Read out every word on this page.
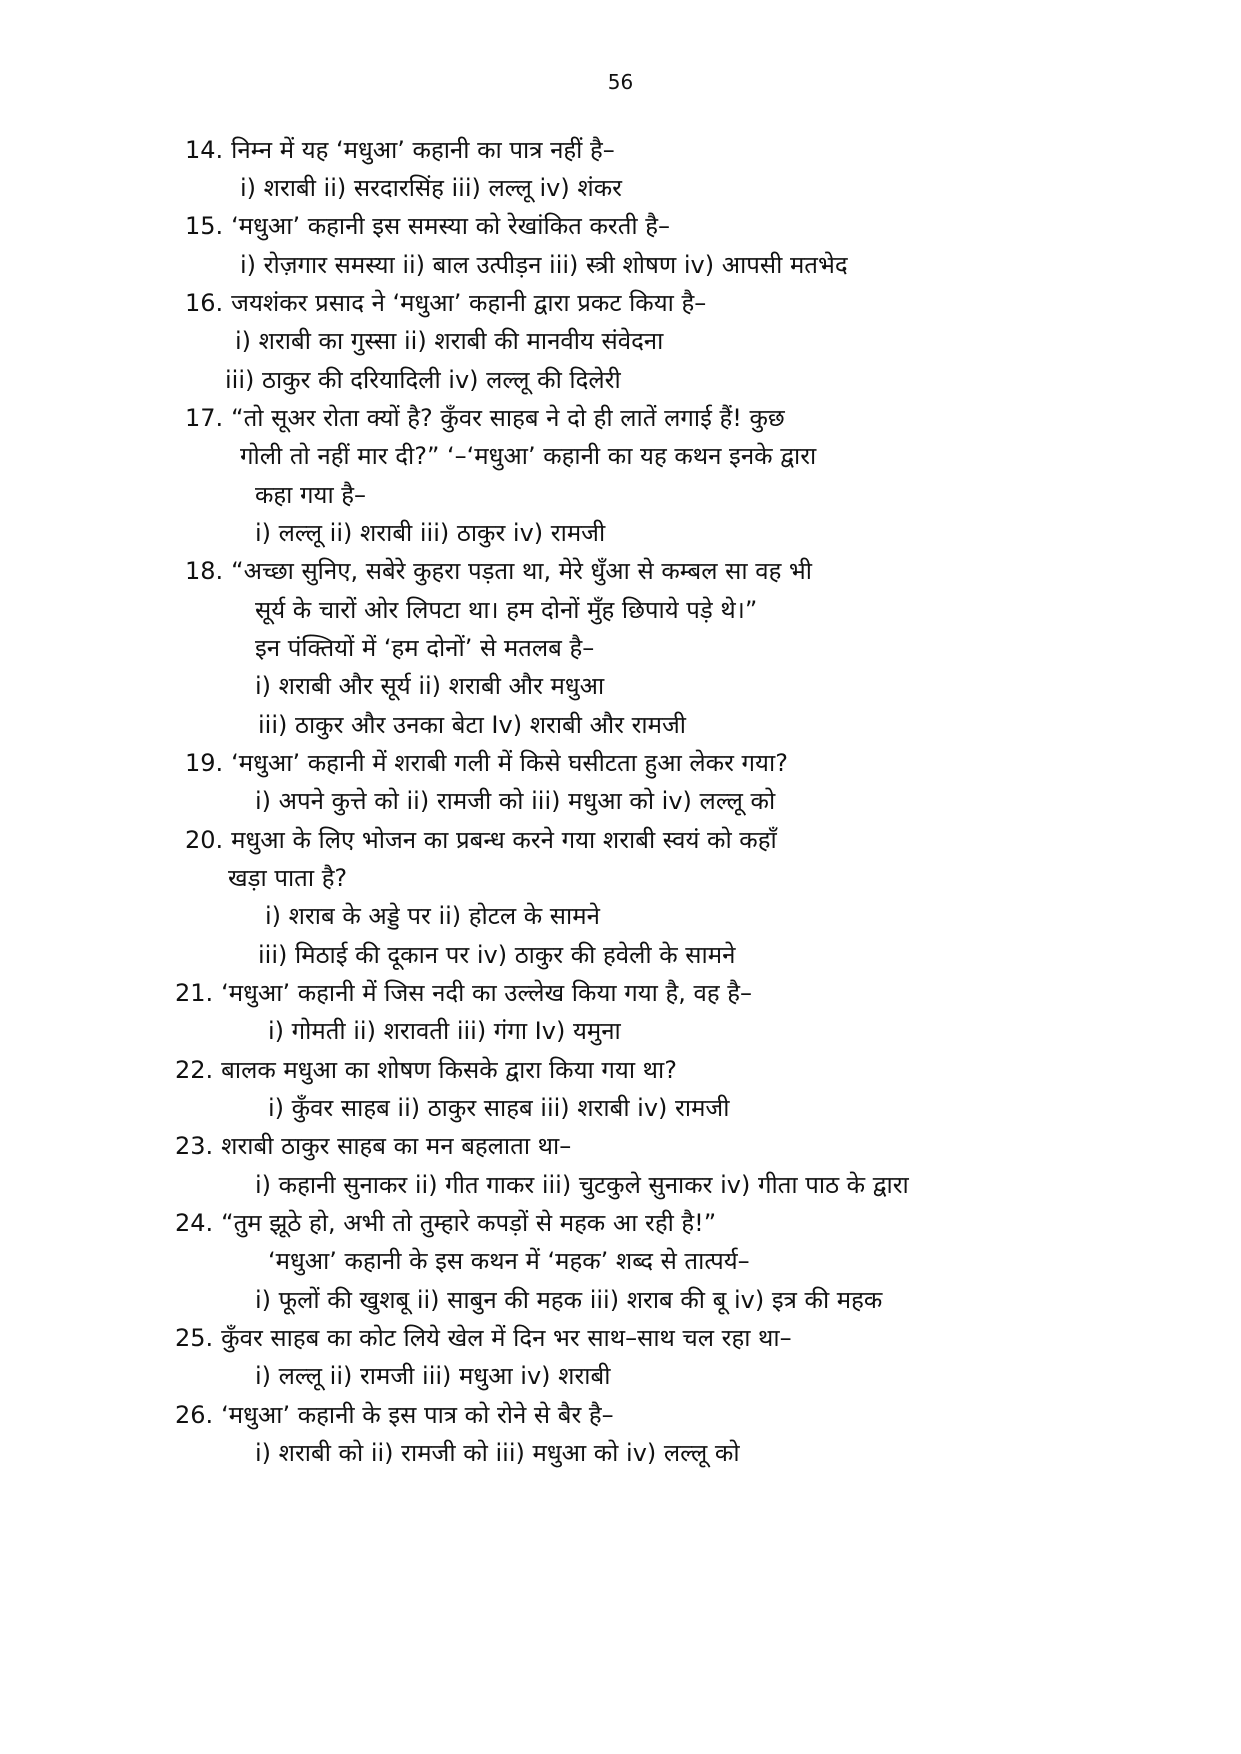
56
14. निम्न में यह ‘मधुआ’ कहानी का पात्र नहीं है–
i) शराबी ii) सरदारसिंह iii) लल्लू iv) शंकर
15. ‘मधुआ’ कहानी इस समस्या को रेखांकित करती है–
i) रोज़गार समस्या ii) बाल उत्पीड़न iii) स्त्री शोषण iv) आपसी मतभेद
16. जयशंकर प्रसाद ने ‘मधुआ’ कहानी द्वारा प्रकट किया है–
i) शराबी का गुस्सा ii) शराबी की मानवीय संवेदना
iii) ठाकुर की दरियादिली iv) लल्लू की दिलेरी
17. “तो सूअर रोता क्यों है? कुँवर साहब ने दो ही लातें लगाई हैं! कुछ
गोली तो नहीं मार दी?” ‘–‘मधुआ’ कहानी का यह कथन इनके द्वारा
कहा गया है–
i) लल्लू ii) शराबी iii) ठाकुर iv) रामजी
18. “अच्छा सुनिए, सबेरे कुहरा पड़ता था, मेरे धुँआ से कम्बल सा वह भी
सूर्य के चारों ओर लिपटा था। हम दोनों मुँह छिपाये पड़े थे।”
इन पंक्तियों में ‘हम दोनों’ से मतलब है–
i) शराबी और सूर्य ii) शराबी और मधुआ
iii) ठाकुर और उनका बेटा Iv) शराबी और रामजी
19. ‘मधुआ’ कहानी में शराबी गली में किसे घसीटता हुआ लेकर गया?
i) अपने कुत्ते को ii) रामजी को iii) मधुआ को iv) लल्लू को
20. मधुआ के लिए भोजन का प्रबन्ध करने गया शराबी स्वयं को कहाँ
खड़ा पाता है?
i) शराब के अड्डे पर ii) होटल के सामने
iii) मिठाई की दूकान पर iv) ठाकुर की हवेली के सामने
21. ‘मधुआ’ कहानी में जिस नदी का उल्लेख किया गया है, वह है–
i) गोमती ii) शरावती iii) गंगा Iv) यमुना
22. बालक मधुआ का शोषण किसके द्वारा किया गया था?
i) कुँवर साहब ii) ठाकुर साहब iii) शराबी iv) रामजी
23. शराबी ठाकुर साहब का मन बहलाता था–
i) कहानी सुनाकर ii) गीत गाकर iii) चुटकुले सुनाकर iv) गीता पाठ के द्वारा
24. “तुम झूठे हो, अभी तो तुम्हारे कपड़ों से महक आ रही है!”
‘मधुआ’ कहानी के इस कथन में ‘महक’ शब्द से तात्पर्य–
i) फूलों की खुशबू ii) साबुन की महक iii) शराब की बू iv) इत्र की महक
25. कुँवर साहब का कोट लिये खेल में दिन भर साथ–साथ चल रहा था–
i) लल्लू ii) रामजी iii) मधुआ iv) शराबी
26. ‘मधुआ’ कहानी के इस पात्र को रोने से बैर है–
i) शराबी को ii) रामजी को iii) मधुआ को iv) लल्लू को
